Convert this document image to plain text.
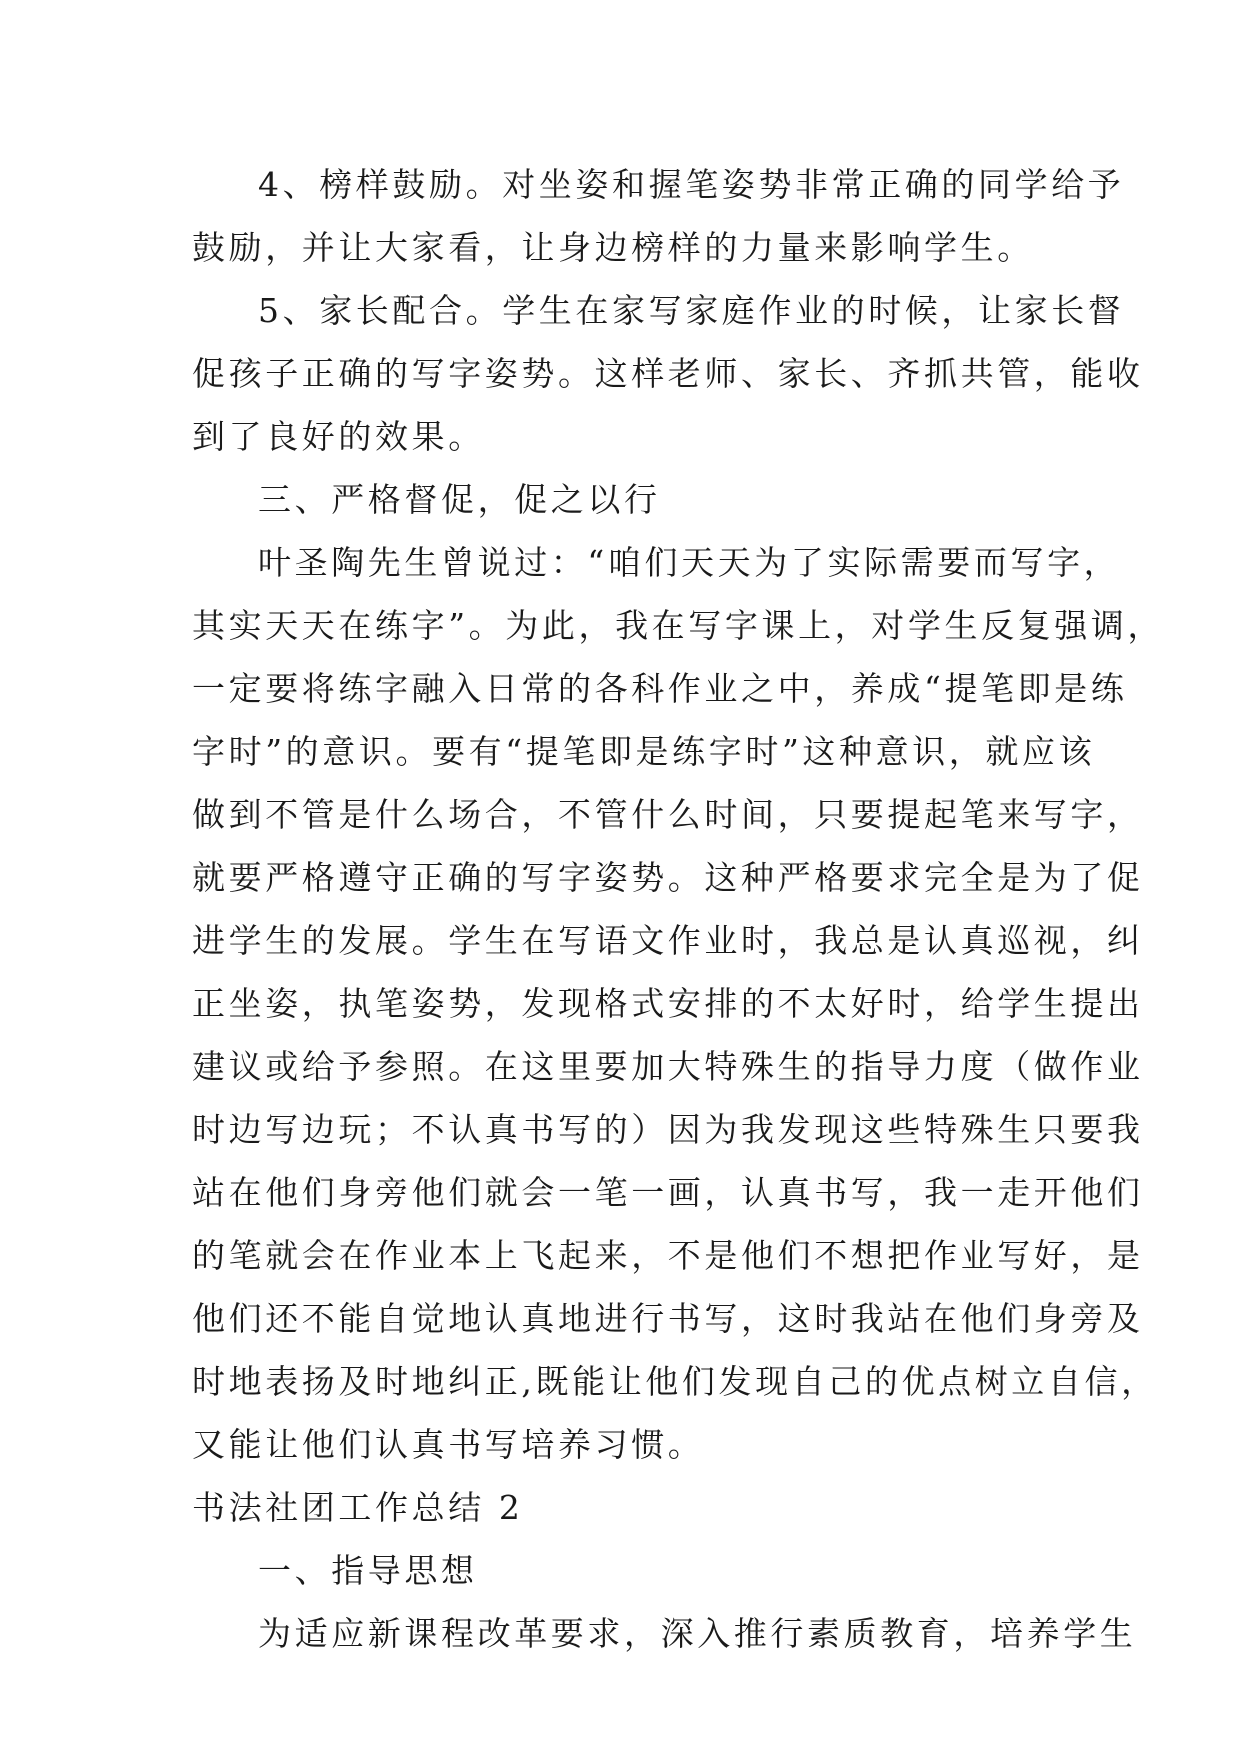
4、榜样鼓励。对坐姿和握笔姿势非常正确的同学给予
鼓励，并让大家看，让身边榜样的力量来影响学生。
5、家长配合。学生在家写家庭作业的时候，让家长督
促孩子正确的写字姿势。这样老师、家长、齐抓共管，能收
到了良好的效果。
三、严格督促，促之以行
叶圣陶先生曾说过：“咱们天天为了实际需要而写字，
其实天天在练字”。为此，我在写字课上，对学生反复强调，
一定要将练字融入日常的各科作业之中，养成“提笔即是练
字时”的意识。要有“提笔即是练字时”这种意识，就应该
做到不管是什么场合，不管什么时间，只要提起笔来写字，
就要严格遵守正确的写字姿势。这种严格要求完全是为了促
进学生的发展。学生在写语文作业时，我总是认真巡视，纠
正坐姿，执笔姿势，发现格式安排的不太好时，给学生提出
建议或给予参照。在这里要加大特殊生的指导力度（做作业
时边写边玩；不认真书写的）因为我发现这些特殊生只要我
站在他们身旁他们就会一笔一画，认真书写，我一走开他们
的笔就会在作业本上飞起来，不是他们不想把作业写好，是
他们还不能自觉地认真地进行书写，这时我站在他们身旁及
时地表扬及时地纠正,既能让他们发现自己的优点树立自信，
又能让他们认真书写培养习惯。
书法社团工作总结 2
一、指导思想
为适应新课程改革要求，深入推行素质教育，培养学生
